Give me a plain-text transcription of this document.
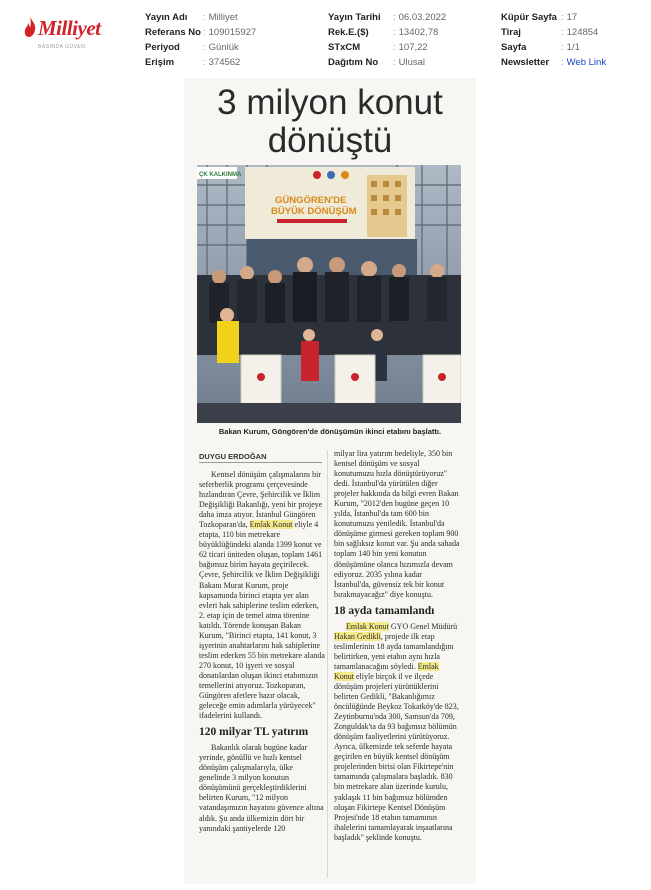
Milliyet
BASINDA GÜVEN
Yayın Adı : Milliyet
Referans No : 109015927
Periyod : Günlük
Erişim	: 374562
Yayın Tarihi : 06.03.2022
Rek.E.($)	: 13402,78
STxCM	: 107,22
Dağıtım No : Ulusal
Küpür Sayfa : 17
Tiraj	: 124854
Sayfa	: 1/1
Newsletter : Web Link
3 milyon konut
dönüştü
ÇK KALKINMA
GÜNGÖREN'DE
BÜYÜK DÖNÜŞÜM
Bakan Kurum, Göngören'de dönüşümün ikinci etabını başlattı.
DUYGU ERDOĞAN

Kentsel dönüşüm çalışmalarını bir seferberlik programı çerçevesinde hızlandıran Çevre, Şehircilik ve İklim Değişikliği Bakanlığı, yeni bir projeye daha imza atıyor. İstanbul Güngören Tozkoparan'da, Emlak Konut eliyle 4 etapta, 110 bin metrekare büyüklüğündeki alanda 1399 konut ve 62 ticari üniteden oluşan, toplam 1461 bağımsız birim hayata geçirilecek. Çevre, Şehircilik ve İklim Değişikliği Bakanı Murat Kurum, proje kapsamında birinci etapta yer alan evleri hak sahiplerine teslim ederken, 2. etap için de temel atma törenine katıldı. Törende konuşan Bakan Kurum, "Birinci etapta, 141 konut, 3 işyerinin anahtarlarını hak sahiplerine teslim ederken 55 bin metrekare alanda 270 konut, 10 işyeri ve sosyal donatılardan oluşan ikinci etabımızın temellerini atıyoruz. Tozkoparan, Güngören afetlere hazır olacak, geleceğe emin adımlarla yürüyecek" ifadelerini kullandı.

120 milyar TL yatırım

Bakanlık olarak bugüne kadar yerinde, gönüllü ve hızlı kentsel dönüşüm çalışmalarıyla, ülke genelinde 3 milyon konutun dönüşümünü gerçekleştirdiklerini belirten Kurum, "12 milyon vatandaşımızın hayatını güvence altına aldık. Şu anda ülkemizin dört bir yanındaki şantiyelerde 120

milyar lira yatırım bedeliyle, 350 bin kentsel dönüşüm ve sosyal konutumuzu hızla dönüştürüyoruz" dedi. İstanbul'da yürütülen diğer projeler hakkında da bilgi evren Bakan Kurum, "2012'den bugüne geçen 10 yılda, İstanbul'da tam 600 bin konutumuzu yeniledik. İstanbul'da dönüşüme girmesi gereken toplam 900 bin sağlıksız konut var. Şu anda sahada toplam 140 bin yeni konutun dönüşümüne olanca hızımızla devam ediyoruz. 2035 yılına kadar İstanbul'da, güvensiz tek bir konut bırakmayacağız" diye konuştu.

18 ayda tamamlandı

Emlak Konut GYO Genel Müdürü Hakan Gedikli, projede ilk etap teslimlerinin 18 ayda tamamlandığını belirtirken, yeni etabın aynı hızla tamamlanacağını söyledi. Emlak Konut eliyle birçok il ve ilçede dönüşüm projeleri yürüttüklerini belirten Gedikli, "Bakanlığımız öncülüğünde Beykoz Tokatköy'de 823, Zeytinburnu'nda 300, Samsun'da 709, Zonguldak'ta da 93 bağımsız bölümün dönüşüm faaliyetlerini yürütüyoruz. Ayrıca, ülkemizde tek seferde hayata geçirilen en büyük kentsel dönüşüm projelerinden birisi olan Fikirtepe'nin tamamında çalışmalara başladık. 830 bin metrekare alan üzerinde kurulu, yaklaşık 11 bin bağımsız bölümden oluşan Fikirtepe Kentsel Dönüşüm Projesi'nde 18 etabın tamamının ihalelerini tamamlayarak inşaatlarına başladık" şeklinde konuştu.
